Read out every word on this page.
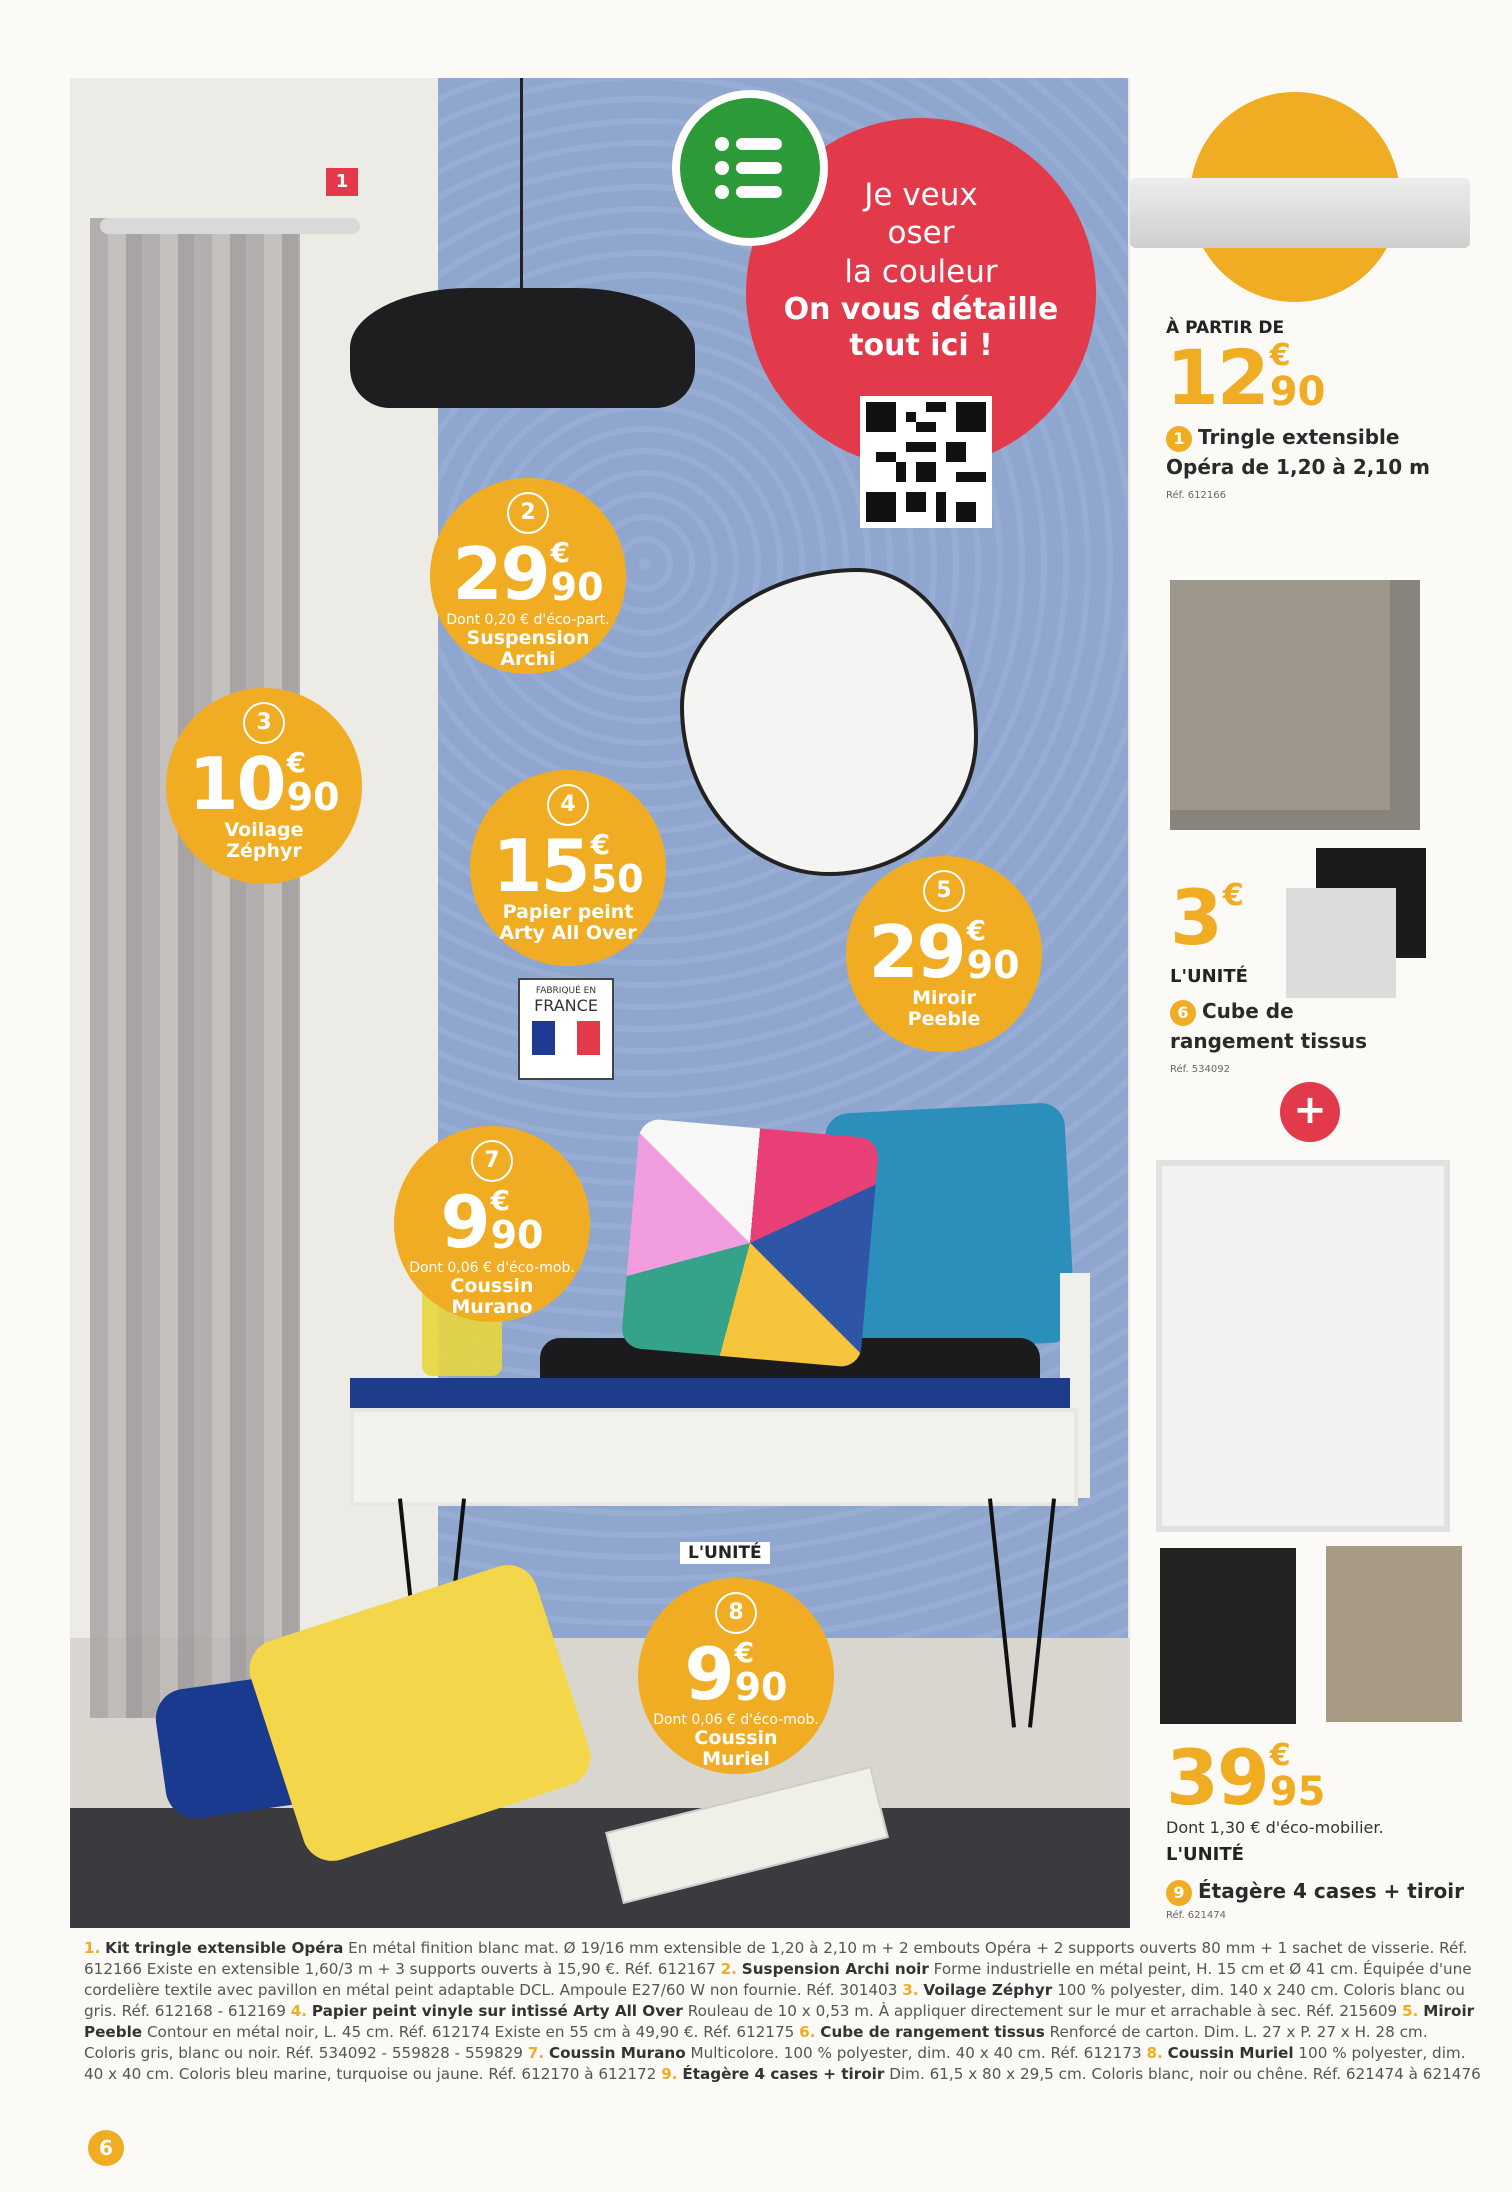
1	Je veux
oser
la couleur
On vous détaille
tout ici !
FABRIQUÉ EN
FRANCE
2
29 €
90
Dont 0,20 € d'éco-part.
Suspension
Archi
3
10 €
90
Voilage
Zéphyr
4
15 €
50
Papier peint
Arty All Over
5
29 €
90
Miroir
Peeble
7
9 €
90
Dont 0,06 € d'éco-mob.
Coussin
Murano
L'UNITÉ
8
9 €
90
Dont 0,06 € d'éco-mob.
Coussin
Muriel
À PARTIR DE
12 €
90
1 Tringle extensible
Opéra de 1,20 à 2,10 m
Réf. 612166
3 €
L'UNITÉ
6 Cube de
rangement tissus
Réf. 534092
+
39 €
95
Dont 1,30 € d'éco-mobilier.
L'UNITÉ
9 Étagère 4 cases + tiroir
Réf. 621474
1. Kit tringle extensible Opéra En métal finition blanc mat. Ø 19/16 mm extensible de 1,20 à 2,10 m + 2 embouts Opéra + 2 supports ouverts 80 mm + 1 sachet de visserie. Réf. 612166 Existe en extensible 1,60/3 m + 3 supports ouverts à 15,90 €. Réf. 612167 2. Suspension Archi noir Forme industrielle en métal peint, H. 15 cm et Ø 41 cm. Équipée d'une cordelière textile avec pavillon en métal peint adaptable DCL. Ampoule E27/60 W non fournie. Réf. 301403 3. Voilage Zéphyr 100 % polyester, dim. 140 x 240 cm. Coloris blanc ou gris. Réf. 612168 - 612169 4. Papier peint vinyle sur intissé Arty All Over Rouleau de 10 x 0,53 m. À appliquer directement sur le mur et arrachable à sec. Réf. 215609 5. Miroir Peeble Contour en métal noir, L. 45 cm. Réf. 612174 Existe en 55 cm à 49,90 €. Réf. 612175 6. Cube de rangement tissus Renforcé de carton. Dim. L. 27 x P. 27 x H. 28 cm. Coloris gris, blanc ou noir. Réf. 534092 - 559828 - 559829 7. Coussin Murano Multicolore. 100 % polyester, dim. 40 x 40 cm. Réf. 612173 8. Coussin Muriel 100 % polyester, dim. 40 x 40 cm. Coloris bleu marine, turquoise ou jaune. Réf. 612170 à 612172 9. Étagère 4 cases + tiroir Dim. 61,5 x 80 x 29,5 cm. Coloris blanc, noir ou chêne. Réf. 621474 à 621476
6
